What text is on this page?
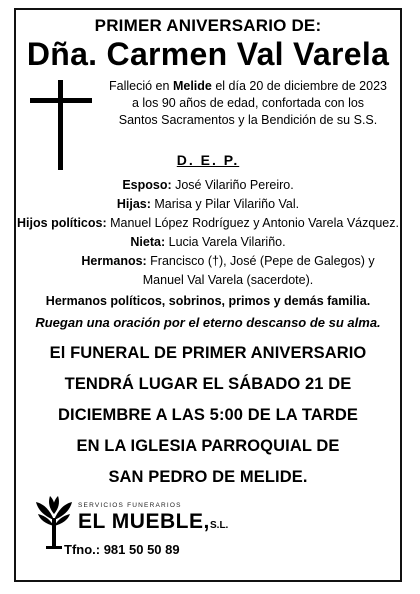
PRIMER ANIVERSARIO DE:
Dña. Carmen Val Varela
Falleció en Melide el día 20 de diciembre de 2023
a los 90 años de edad, confortada con los
Santos Sacramentos y la Bendición de su S.S.
D. E. P.
Esposo: José Vilariño Pereiro.
Hijas: Marisa y Pilar Vilariño Val.
Hijos políticos: Manuel López Rodríguez y Antonio Varela Vázquez.
Nieta: Lucia Varela Vilariño.
Hermanos: Francisco (†), José (Pepe de Galegos) y
Manuel Val Varela (sacerdote).
Hermanos políticos, sobrinos, primos y demás familia.
Ruegan una oración por el eterno descanso de su alma.
El FUNERAL DE PRIMER ANIVERSARIO
TENDRÁ LUGAR EL SÁBADO 21 DE
DICIEMBRE A LAS 5:00 DE LA TARDE
EN LA IGLESIA PARROQUIAL DE
SAN PEDRO DE MELIDE.
SERVICIOS FUNERARIOS
EL MUEBLE, S.L.
Tfno.: 981 50 50 89
